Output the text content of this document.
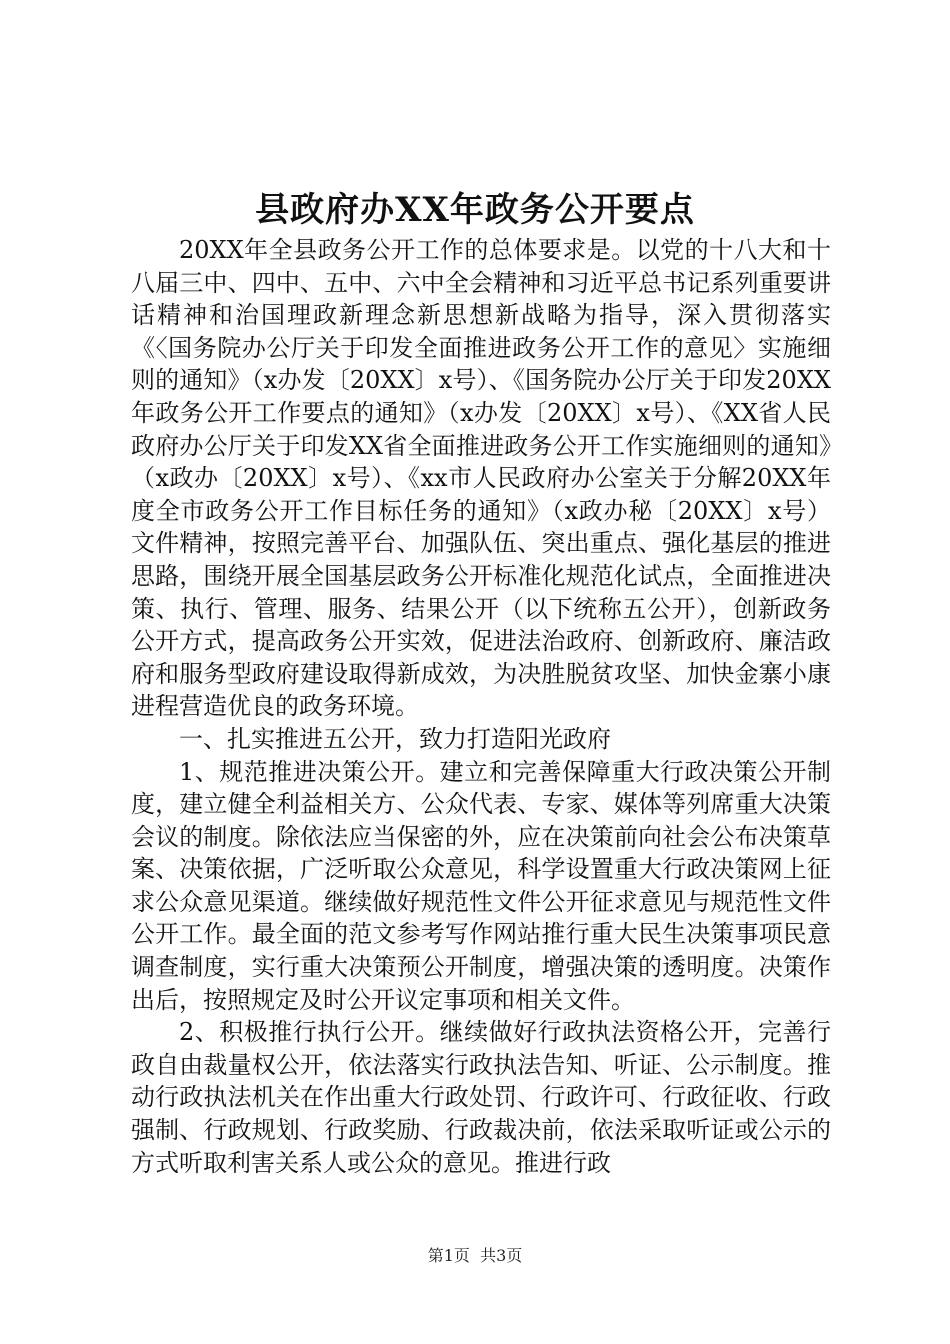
县政府办XX年政务公开要点

20XX年全县政务公开工作的总体要求是。以党的十八大和十八届三中、四中、五中、六中全会精神和习近平总书记系列重要讲话精神和治国理政新理念新思想新战略为指导，深入贯彻落实《〈国务院办公厅关于印发全面推进政务公开工作的意见〉实施细则的通知》（x办发〔20XX〕x号）、《国务院办公厅关于印发20XX年政务公开工作要点的通知》（x办发〔20XX〕x号）、《XX省人民政府办公厅关于印发XX省全面推进政务公开工作实施细则的通知》（x政办〔20XX〕x号）、《xx市人民政府办公室关于分解20XX年度全市政务公开工作目标任务的通知》（x政办秘〔20XX〕x号）文件精神，按照完善平台、加强队伍、突出重点、强化基层的推进思路，围绕开展全国基层政务公开标准化规范化试点，全面推进决策、执行、管理、服务、结果公开（以下统称五公开），创新政务公开方式，提高政务公开实效，促进法治政府、创新政府、廉洁政府和服务型政府建设取得新成效，为决胜脱贫攻坚、加快金寨小康进程营造优良的政务环境。

一、扎实推进五公开，致力打造阳光政府

1、规范推进决策公开。建立和完善保障重大行政决策公开制度，建立健全利益相关方、公众代表、专家、媒体等列席重大决策会议的制度。除依法应当保密的外，应在决策前向社会公布决策草案、决策依据，广泛听取公众意见，科学设置重大行政决策网上征求公众意见渠道。继续做好规范性文件公开征求意见与规范性文件公开工作。最全面的范文参考写作网站推行重大民生决策事项民意调查制度，实行重大决策预公开制度，增强决策的透明度。决策作出后，按照规定及时公开议定事项和相关文件。

2、积极推行执行公开。继续做好行政执法资格公开，完善行政自由裁量权公开，依法落实行政执法告知、听证、公示制度。推动行政执法机关在作出重大行政处罚、行政许可、行政征收、行政强制、行政规划、行政奖励、行政裁决前，依法采取听证或公示的方式听取利害关系人或公众的意见。推进行政

第1页 共3页
